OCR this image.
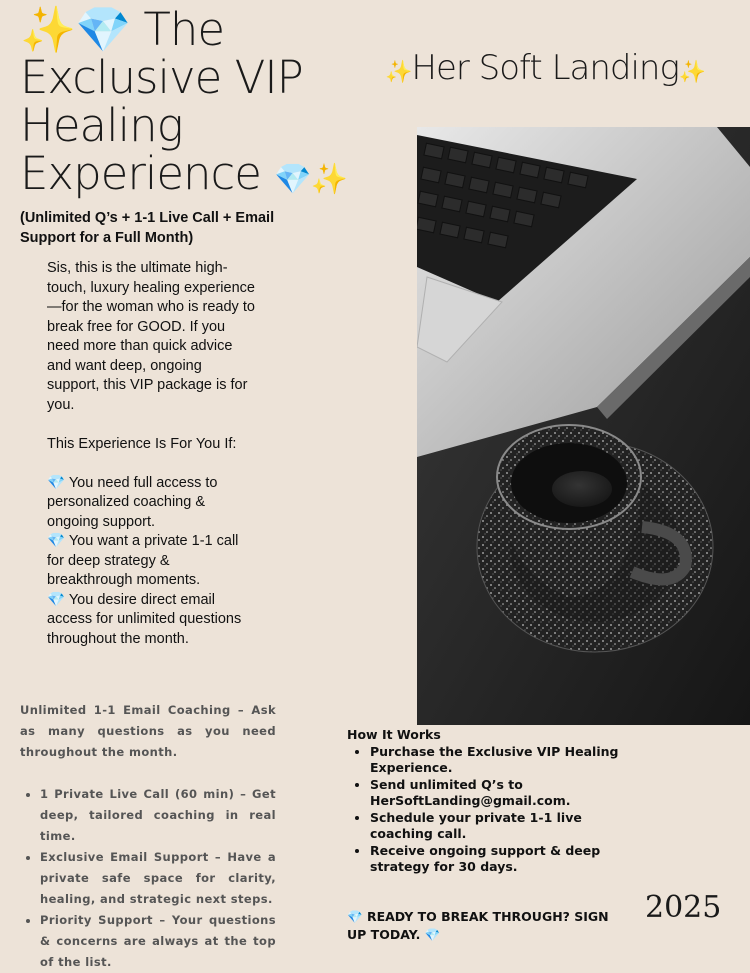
✨💎 The
Exclusive VIP
Healing
Experience 💎✨
✨Her Soft Landing✨
(Unlimited Q’s + 1-1 Live Call + Email Support for a Full Month)

Sis, this is the ultimate high-touch, luxury healing experience—for the woman who is ready to break free for GOOD. If you need more than quick advice and want deep, ongoing support, this VIP package is for you.

This Experience Is For You If:

💎 You need full access to personalized coaching & ongoing support.
💎 You want a private 1-1 call for deep strategy & breakthrough moments.
💎 You desire direct email access for unlimited questions throughout the month.

Unlimited 1-1 Email Coaching – Ask as many questions as you need throughout the month.

• 1 Private Live Call (60 min) – Get deep, tailored coaching in real time.
• Exclusive Email Support – Have a private safe space for clarity, healing, and strategic next steps.
• Priority Support – Your questions & concerns are always at the top of the list.
How It Works
• Purchase the Exclusive VIP Healing Experience.
• Send unlimited Q’s to HerSoftLanding@gmail.com.
• Schedule your private 1-1 live coaching call.
• Receive ongoing support & deep strategy for 30 days.
💎 READY TO BREAK THROUGH? SIGN UP TODAY. 💎
2025
